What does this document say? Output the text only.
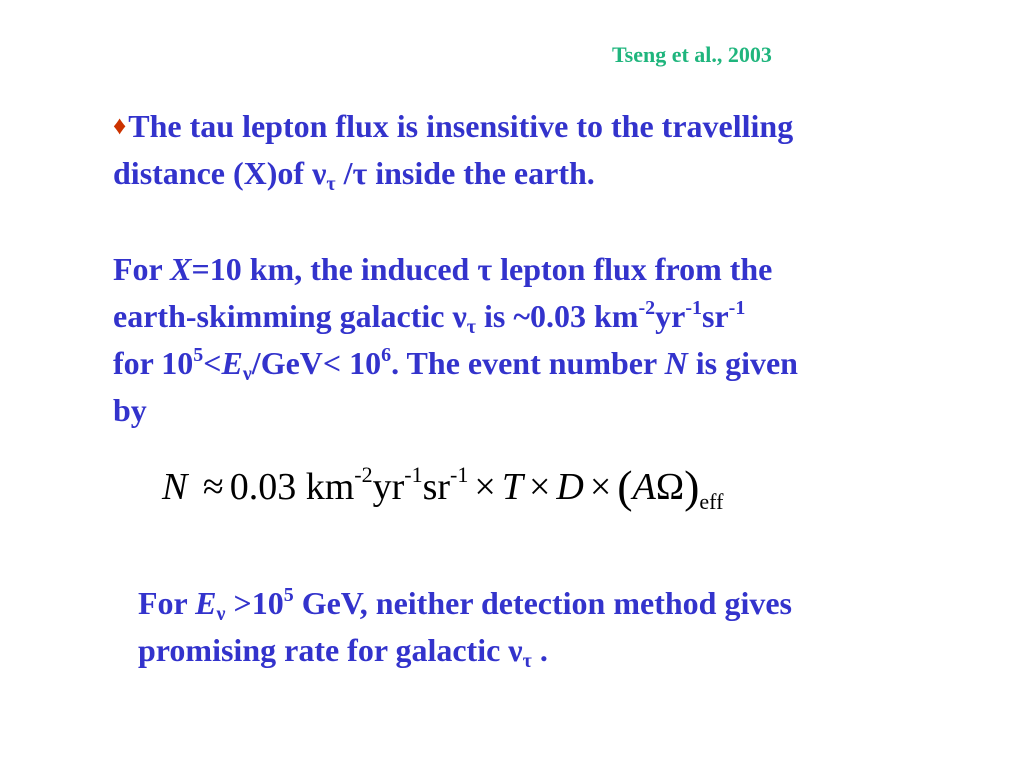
Tseng et al., 2003
♦The tau lepton flux is insensitive to the travelling
distance (X)of $\nu_\tau$ /τ inside the earth.
For X=10 km, the induced τ lepton flux from the
earth-skimming galactic $\nu_\tau$ is ~0.03 $km^{-2}yr^{-1}sr^{-1}$
for $10^5<E_\nu/GeV< 10^6$. The event number N is given
by
N ≈ 0.03 $km^{-2}yr^{-1}sr^{-1} \times T \times D \times (A\Omega)_{eff}$
For $E_\nu >10^5$ GeV, neither detection method gives
promising rate for galactic $\nu_\tau$ .
